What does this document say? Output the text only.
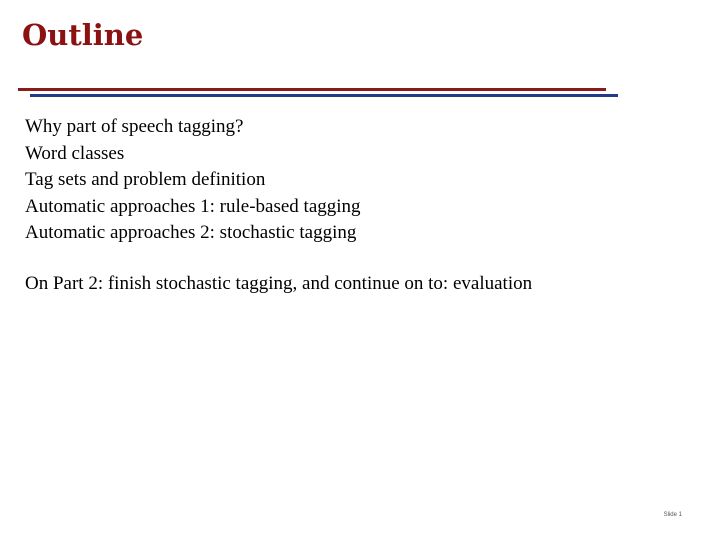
Outline
Why part of speech tagging?
Word classes
Tag sets and problem definition
Automatic approaches 1: rule-based tagging
Automatic approaches 2: stochastic tagging

On Part 2: finish stochastic tagging, and continue on to: evaluation

Slide 1
